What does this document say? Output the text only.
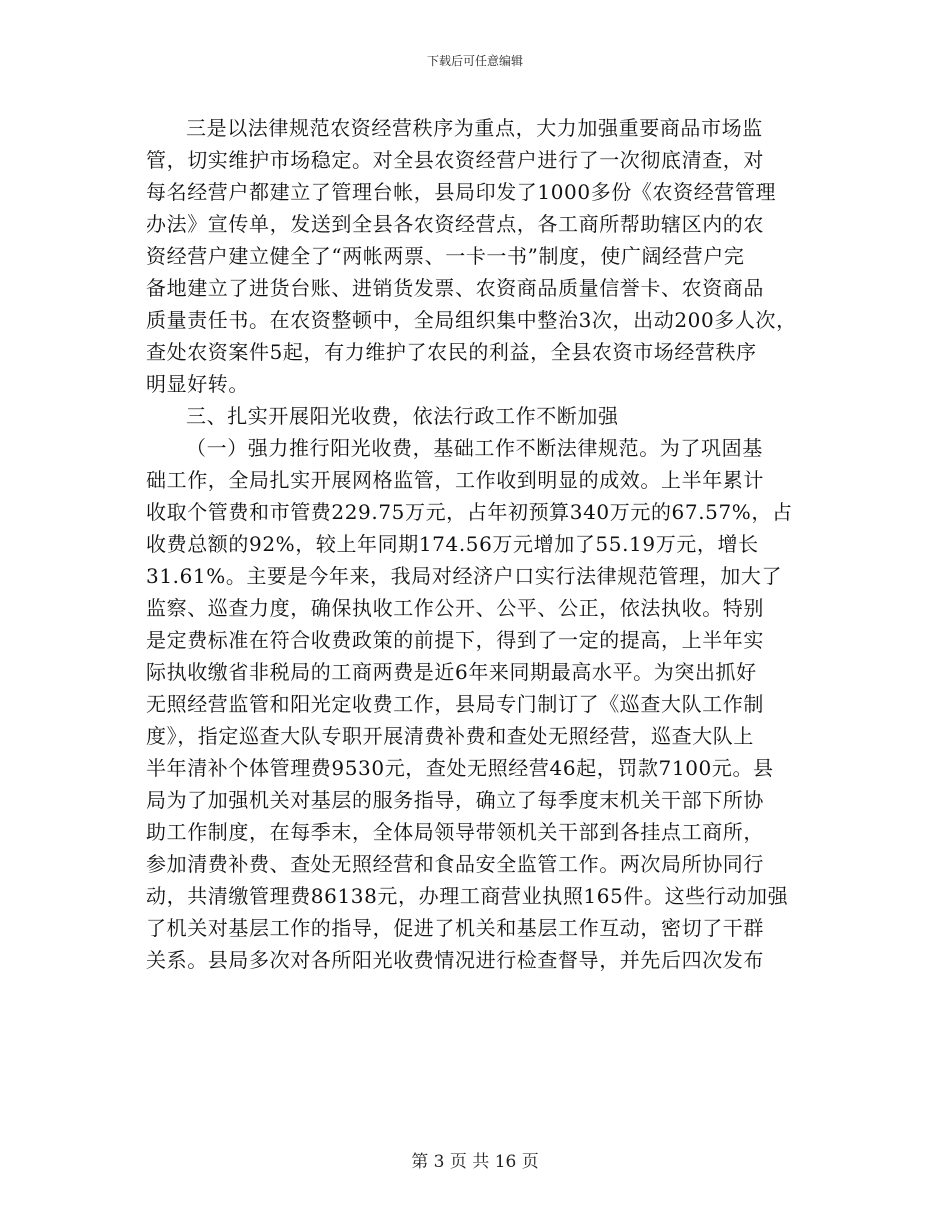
下载后可任意编辑
三是以法律规范农资经营秩序为重点，大力加强重要商品市场监
管，切实维护市场稳定。对全县农资经营户进行了一次彻底清查，对
每名经营户都建立了管理台帐，县局印发了1000多份《农资经营管理
办法》宣传单，发送到全县各农资经营点，各工商所帮助辖区内的农
资经营户建立健全了“两帐两票、一卡一书”制度，使广阔经营户完
备地建立了进货台账、进销货发票、农资商品质量信誉卡、农资商品
质量责任书。在农资整顿中，全局组织集中整治3次，出动200多人次，
查处农资案件5起，有力维护了农民的利益，全县农资市场经营秩序
明显好转。
三、扎实开展阳光收费，依法行政工作不断加强
（一）强力推行阳光收费，基础工作不断法律规范。为了巩固基
础工作，全局扎实开展网格监管，工作收到明显的成效。上半年累计
收取个管费和市管费229.75万元，占年初预算340万元的67.57%，占
收费总额的92%，较上年同期174.56万元增加了55.19万元，增长
31.61%。主要是今年来，我局对经济户口实行法律规范管理，加大了
监察、巡查力度，确保执收工作公开、公平、公正，依法执收。特别
是定费标准在符合收费政策的前提下，得到了一定的提高，上半年实
际执收缴省非税局的工商两费是近6年来同期最高水平。为突出抓好
无照经营监管和阳光定收费工作，县局专门制订了《巡查大队工作制
度》，指定巡查大队专职开展清费补费和查处无照经营，巡查大队上
半年清补个体管理费9530元，查处无照经营46起，罚款7100元。县
局为了加强机关对基层的服务指导，确立了每季度末机关干部下所协
助工作制度，在每季末，全体局领导带领机关干部到各挂点工商所，
参加清费补费、查处无照经营和食品安全监管工作。两次局所协同行
动，共清缴管理费86138元，办理工商营业执照165件。这些行动加强
了机关对基层工作的指导，促进了机关和基层工作互动，密切了干群
关系。县局多次对各所阳光收费情况进行检查督导，并先后四次发布
第 3 页 共 16 页
